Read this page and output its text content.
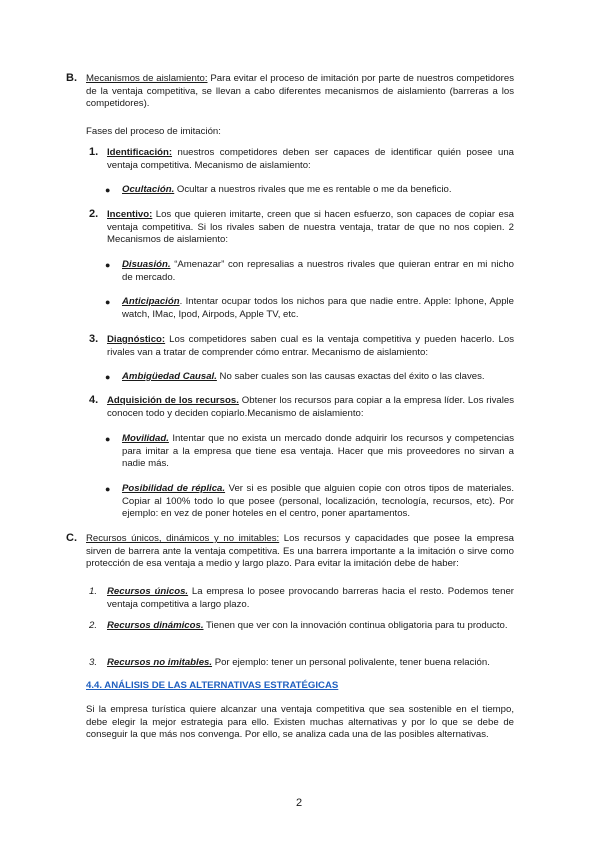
B. Mecanismos de aislamiento: Para evitar el proceso de imitación por parte de nuestros competidores de la ventaja competitiva, se llevan a cabo diferentes mecanismos de aislamiento (barreras a los competidores).
Fases del proceso de imitación:
1. Identificación: nuestros competidores deben ser capaces de identificar quién posee una ventaja competitiva. Mecanismo de aislamiento:
● Ocultación. Ocultar a nuestros rivales que me es rentable o me da beneficio.
2. Incentivo: Los que quieren imitarte, creen que si hacen esfuerzo, son capaces de copiar esa ventaja competitiva. Si los rivales saben de nuestra ventaja, tratar de que no nos copien. 2 Mecanismos de aislamiento:
● Disuasión. “Amenazar” con represalias a nuestros rivales que quieran entrar en mi nicho de mercado.
● Anticipación. Intentar ocupar todos los nichos para que nadie entre. Apple: Iphone, Apple watch, IMac, Ipod, Airpods, Apple TV, etc.
3. Diagnóstico: Los competidores saben cual es la ventaja competitiva y pueden hacerlo. Los rivales van a tratar de comprender cómo entrar. Mecanismo de aislamiento:
● Ambigüedad Causal. No saber cuales son las causas exactas del éxito o las claves.
4. Adquisición de los recursos. Obtener los recursos para copiar a la empresa líder. Los rivales conocen todo y deciden copiarlo.Mecanismo de aislamiento:
● Movilidad. Intentar que no exista un mercado donde adquirir los recursos y competencias para imitar a la empresa que tiene esa ventaja. Hacer que mis proveedores no sirvan a nadie más.
● Posibilidad de réplica. Ver si es posible que alguien copie con otros tipos de materiales. Copiar al 100% todo lo que posee (personal, localización, tecnología, recursos, etc). Por ejemplo: en vez de poner hoteles en el centro, poner apartamentos.
C. Recursos únicos, dinámicos y no imitables: Los recursos y capacidades que posee la empresa sirven de barrera ante la ventaja competitiva. Es una barrera importante a la imitación o sirve como protección de esa ventaja a medio y largo plazo. Para evitar la imitación debe de haber:
1. Recursos únicos. La empresa lo posee provocando barreras hacia el resto. Podemos tener ventaja competitiva a largo plazo.
2. Recursos dinámicos. Tienen que ver con la innovación continua obligatoria para tu producto.
3. Recursos no imitables. Por ejemplo: tener un personal polivalente, tener buena relación.
4.4. ANÁLISIS DE LAS ALTERNATIVAS ESTRATÉGICAS
Si la empresa turística quiere alcanzar una ventaja competitiva que sea sostenible en el tiempo, debe elegir la mejor estrategia para ello. Existen muchas alternativas y por lo que se debe de conseguir la que más nos convenga. Por ello, se analiza cada una de las posibles alternativas.
2
